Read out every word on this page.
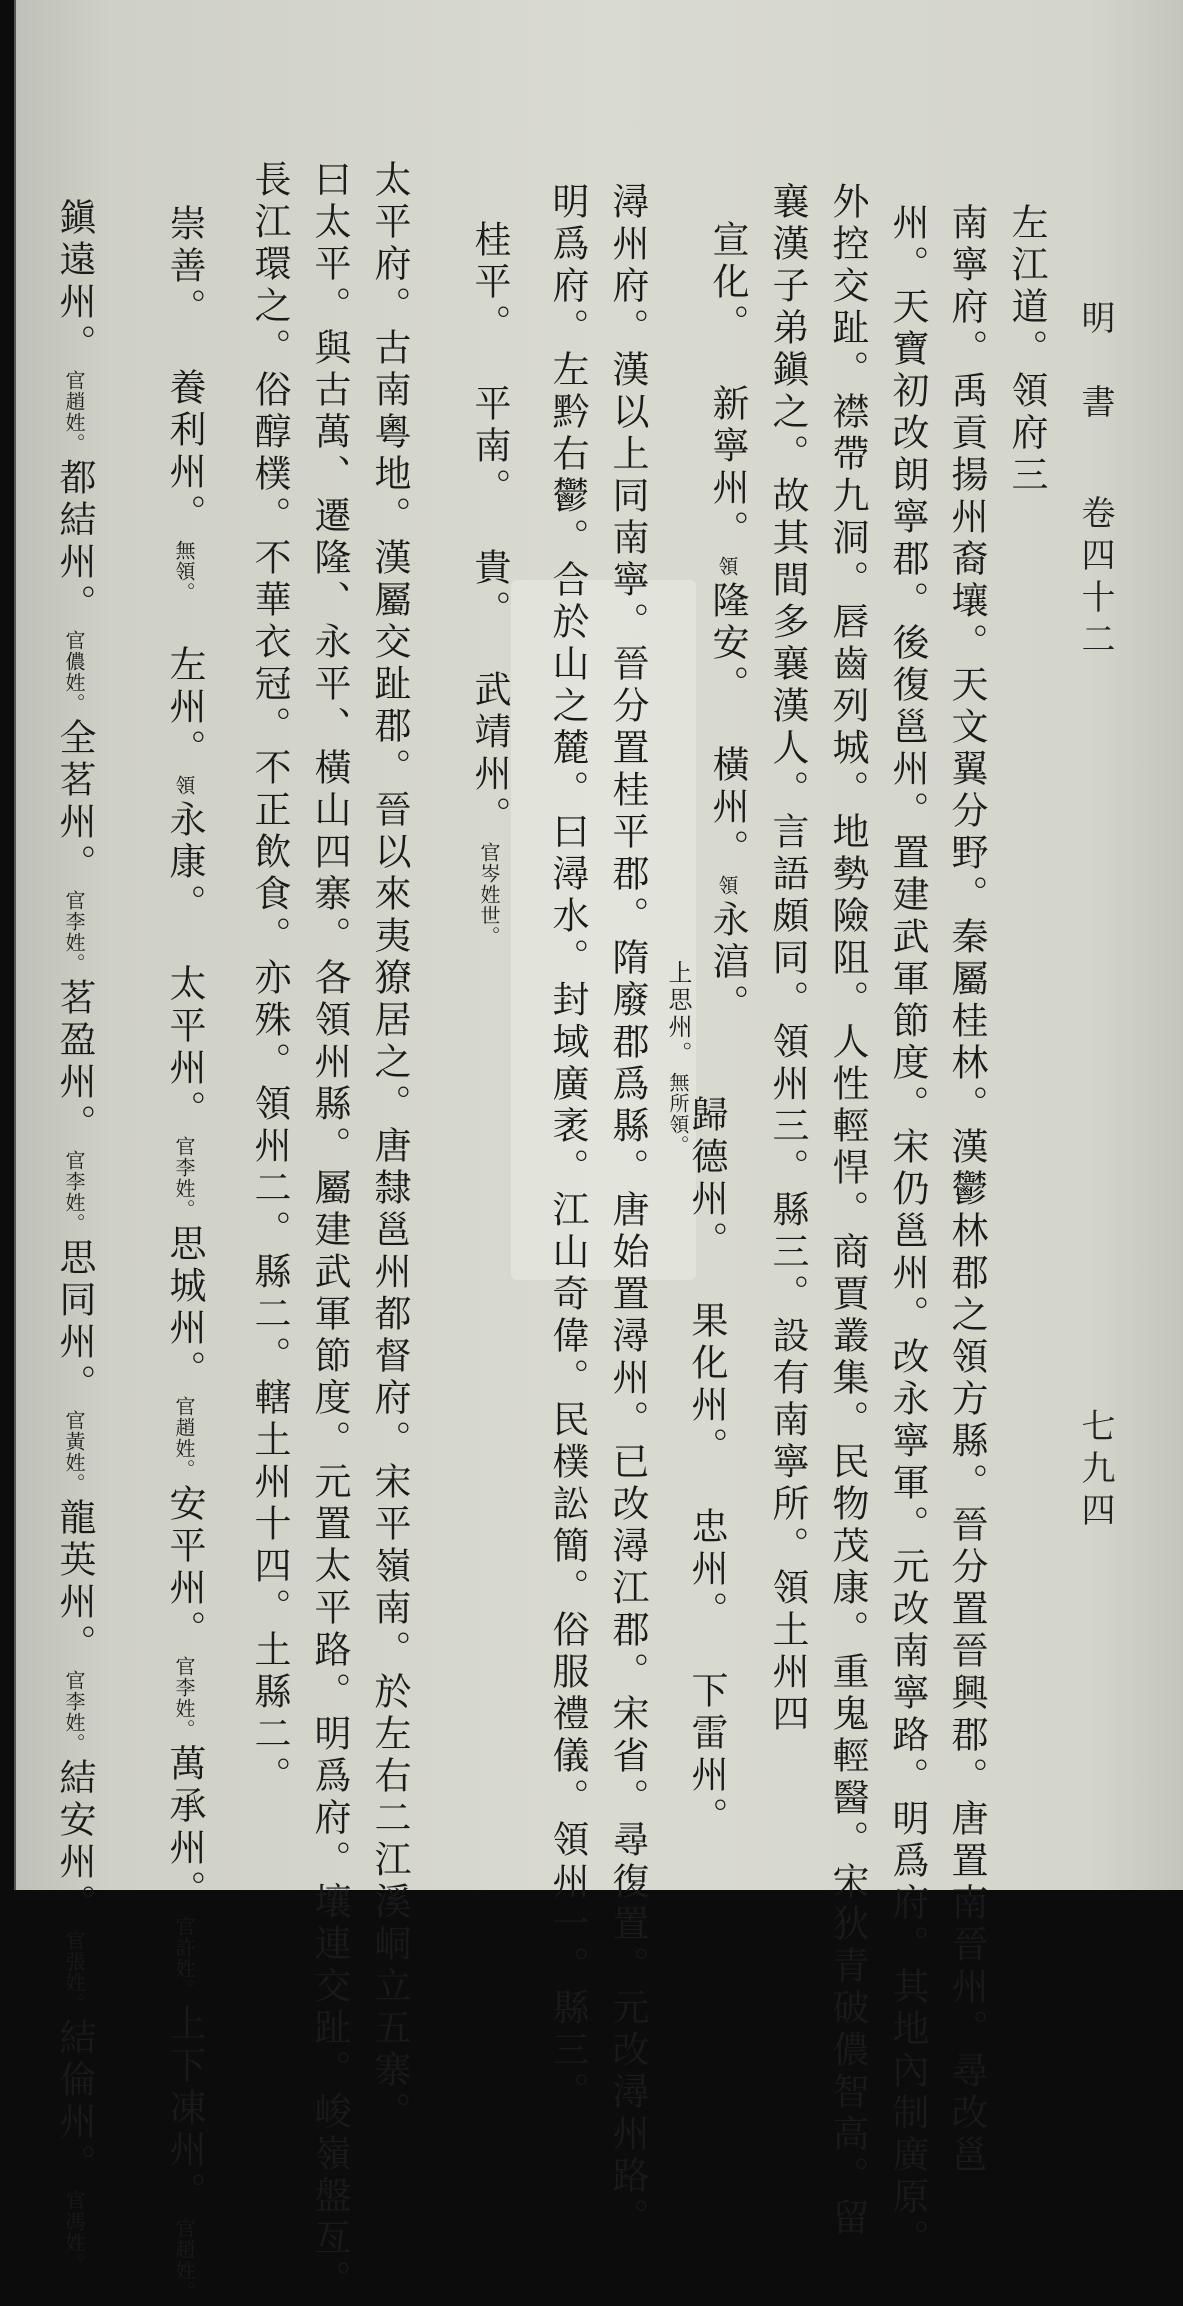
明　書
卷四十二
七九四
左江道。領府三
南寧府。禹貢揚州裔壤。天文翼分野。秦屬桂林。漢鬱林郡之領方縣。晉分置晉興郡。唐置南晉州。尋改邕
州。天寶初改朗寧郡。後復邕州。置建武軍節度。宋仍邕州。改永寧軍。元改南寧路。明爲府。其地內制廣原。
外控交趾。襟帶九洞。唇齒列城。地勢險阻。人性輕悍。商賈叢集。民物茂康。重鬼輕醫。宋狄青破儂智高。留
襄漢子弟鎭之。故其間多襄漢人。言語頗同。領州三。縣三。設有南寧所。領土州四
宣化。新寧州。領隆安。橫州。領永湻。
上思州。無所領。
歸德州。果化州。忠州。下雷州。
潯州府。漢以上同南寧。晉分置桂平郡。隋廢郡爲縣。唐始置潯州。已改潯江郡。宋省。尋復置。元改潯州路。
明爲府。左黔右鬱。合於山之麓。曰潯水。封域廣袤。江山奇偉。民樸訟簡。俗服禮儀。領州一。縣三。
桂平。平南。貴。武靖州。官岑姓世。
太平府。古南粵地。漢屬交趾郡。晉以來夷獠居之。唐隸邕州都督府。宋平嶺南。於左右二江溪峒立五寨。
曰太平。與古萬、遷隆、永平、橫山四寨。各領州縣。屬建武軍節度。元置太平路。明爲府。壤連交趾。峻嶺盤亙。
長江環之。俗醇樸。不華衣冠。不正飲食。亦殊。領州二。縣二。轄土州十四。土縣二。
崇善。養利州。無領。左州。領永康。太平州。官李姓。思城州。官趙姓。安平州。官李姓。萬承州。官許姓。上下凍州。官趙姓。
鎭遠州。官趙姓。都結州。官儂姓。全茗州。官李姓。茗盈州。官李姓。思同州。官黃姓。龍英州。官李姓。結安州。官張姓。結倫州。官馮姓。
